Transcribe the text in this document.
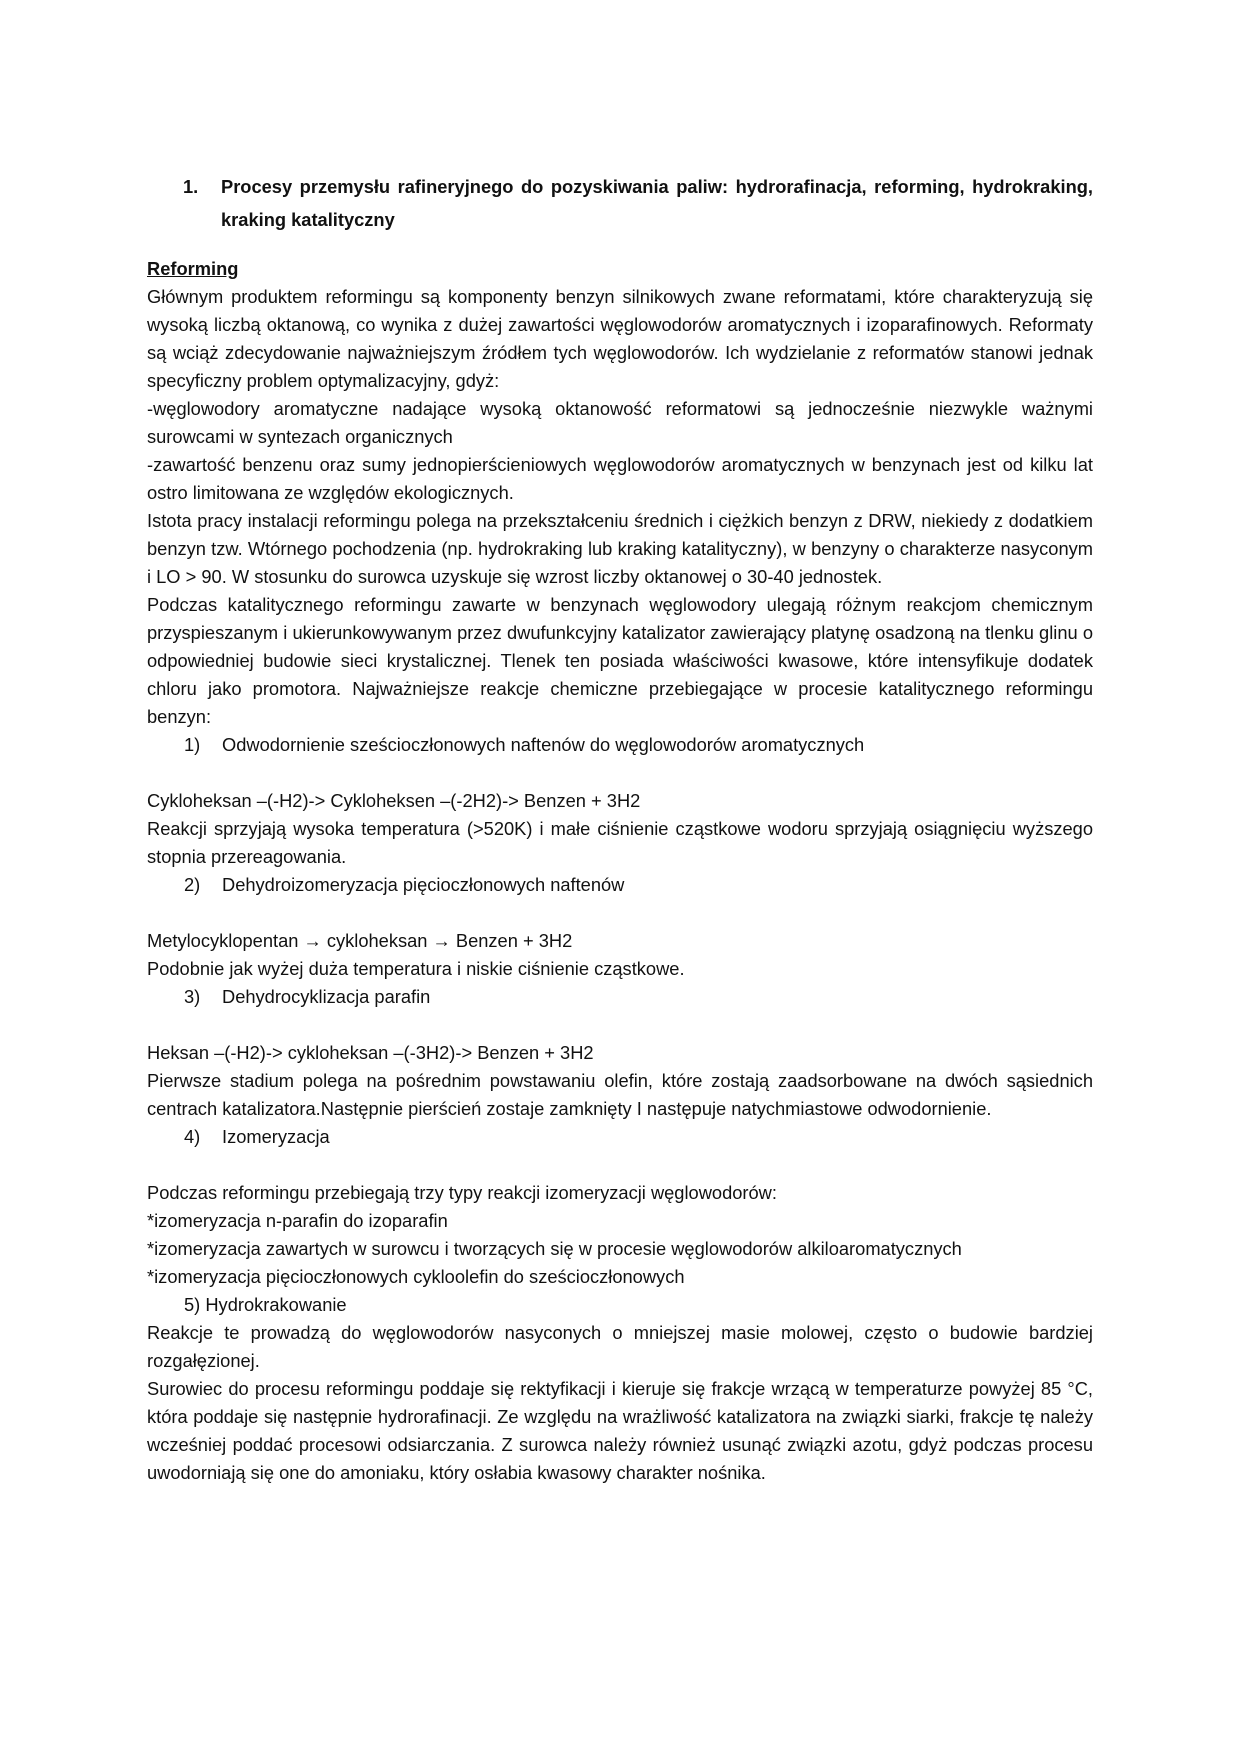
1.	Procesy przemysłu rafineryjnego do pozyskiwania paliw: hydrorafinacja, reforming, hydrokraking, kraking katalityczny
Reforming

Głównym produktem reformingu są komponenty benzyn silnikowych zwane reformatami, które charakteryzują się wysoką liczbą oktanową, co wynika z dużej zawartości węglowodorów aromatycznych i izoparafinowych. Reformaty są wciąż zdecydowanie najważniejszym źródłem tych węglowodorów. Ich wydzielanie z reformatów stanowi jednak specyficzny problem optymalizacyjny, gdyż:

-węglowodory aromatyczne nadające wysoką oktanowość reformatowi są jednocześnie niezwykle ważnymi surowcami w syntezach organicznych

-zawartość benzenu oraz sumy jednopierścieniowych węglowodorów aromatycznych w benzynach jest od kilku lat ostro limitowana ze względów ekologicznych.

Istota pracy instalacji reformingu polega na przekształceniu średnich i ciężkich benzyn z DRW, niekiedy z dodatkiem benzyn tzw. Wtórnego pochodzenia (np. hydrokraking lub kraking katalityczny), w benzyny o charakterze nasyconym i LO > 90. W stosunku do surowca uzyskuje się wzrost liczby oktanowej o 30-40 jednostek.

Podczas katalitycznego reformingu zawarte w benzynach węglowodory ulegają różnym reakcjom chemicznym przyspieszanym i ukierunkowywanym przez dwufunkcyjny katalizator zawierający platynę osadzoną na tlenku glinu o odpowiedniej budowie sieci krystalicznej. Tlenek ten posiada właściwości kwasowe, które intensyfikuje dodatek chloru jako promotora. Najważniejsze reakcje chemiczne przebiegające w procesie katalitycznego reformingu benzyn:

1)	Odwodornienie sześcioczłonowych naftenów do węglowodorów aromatycznych

Cykloheksan –(-H2)-> Cykloheksen –(-2H2)-> Benzen + 3H2

Reakcji sprzyjają wysoka temperatura (>520K) i małe ciśnienie cząstkowe wodoru sprzyjają osiągnięciu wyższego stopnia przereagowania.

2)	Dehydroizomeryzacja pięcioczłonowych naftenów

Metylocyklopentan → cykloheksan → Benzen + 3H2

Podobnie jak wyżej duża temperatura i niskie ciśnienie cząstkowe.

3)	Dehydrocyklizacja parafin

Heksan –(-H2)-> cykloheksan –(-3H2)-> Benzen + 3H2

Pierwsze stadium polega na pośrednim powstawaniu olefin, które zostają zaadsorbowane na dwóch sąsiednich centrach katalizatora.Następnie pierścień zostaje zamknięty I następuje natychmiastowe odwodornienie.

4)	Izomeryzacja

Podczas reformingu przebiegają trzy typy reakcji izomeryzacji węglowodorów:

*izomeryzacja n-parafin do izoparafin

*izomeryzacja zawartych w surowcu i tworzących się w procesie węglowodorów alkiloaromatycznych

*izomeryzacja pięcioczłonowych cykloolefin do sześcioczłonowych

5) Hydrokrakowanie

Reakcje te prowadzą do węglowodorów nasyconych o mniejszej masie molowej, często o budowie bardziej rozgałęzionej.

Surowiec do procesu reformingu poddaje się rektyfikacji i kieruje się frakcje wrzącą w temperaturze powyżej 85 °C, która poddaje się następnie hydrorafinacji. Ze względu na wrażliwość katalizatora na związki siarki, frakcje tę należy wcześniej poddać procesowi odsiarczania. Z surowca należy również usunąć związki azotu, gdyż podczas procesu uwodorniają się one do amoniaku, który osłabia kwasowy charakter nośnika.
